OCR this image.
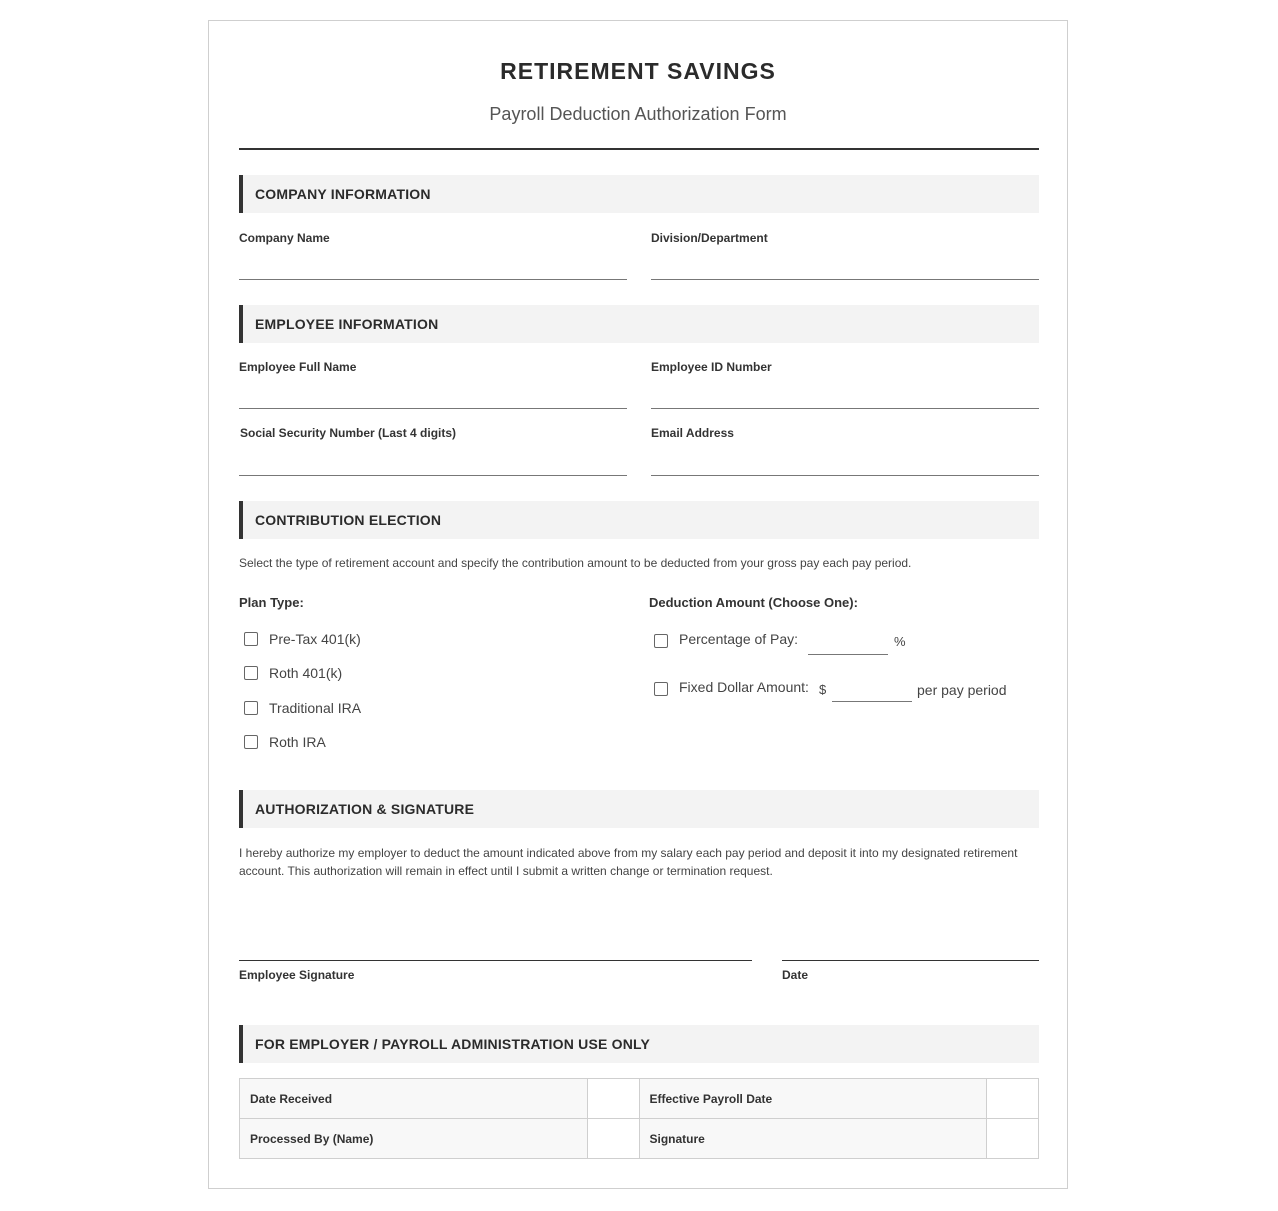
RETIREMENT SAVINGS
Payroll Deduction Authorization Form
COMPANY INFORMATION
Company Name	Division/Department
EMPLOYEE INFORMATION
Employee Full Name	Employee ID Number
Social Security Number (Last 4 digits)	Email Address
CONTRIBUTION ELECTION
Select the type of retirement account and specify the contribution amount to be deducted from your gross pay each pay period.
Plan Type:
Pre-Tax 401(k)
Roth 401(k)
Traditional IRA
Roth IRA
Deduction Amount (Choose One):
Percentage of Pay:	%
Fixed Dollar Amount: $	per pay period
AUTHORIZATION & SIGNATURE
I hereby authorize my employer to deduct the amount indicated above from my salary each pay period and deposit it into my designated retirement
account. This authorization will remain in effect until I submit a written change or termination request.
Employee Signature	Date
FOR EMPLOYER / PAYROLL ADMINISTRATION USE ONLY
Date Received		Effective Payroll Date	
Processed By (Name)		Signature	
